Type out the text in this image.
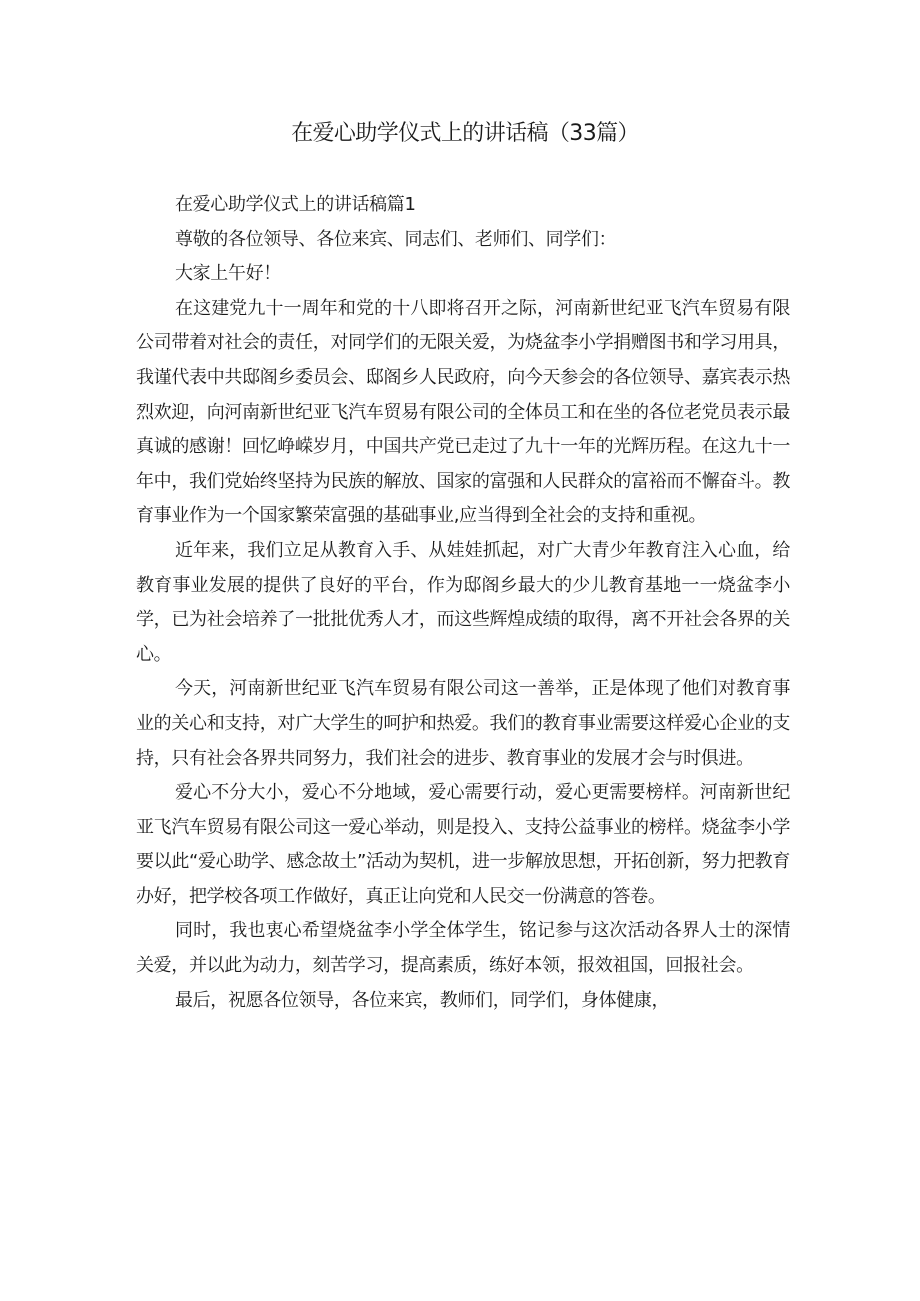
在爱心助学仪式上的讲话稿（33篇）

在爱心助学仪式上的讲话稿篇1

尊敬的各位领导、各位来宾、同志们、老师们、同学们：

大家上午好！

在这建党九十一周年和党的十八即将召开之际，河南新世纪亚飞汽车贸易有限公司带着对社会的责任，对同学们的无限关爱，为烧盆李小学捐赠图书和学习用具，我谨代表中共邸阁乡委员会、邸阁乡人民政府，向今天参会的各位领导、嘉宾表示热烈欢迎，向河南新世纪亚飞汽车贸易有限公司的全体员工和在坐的各位老党员表示最真诚的感谢！回忆峥嵘岁月，中国共产党已走过了九十一年的光辉历程。在这九十一年中，我们党始终坚持为民族的解放、国家的富强和人民群众的富裕而不懈奋斗。教育事业作为一个国家繁荣富强的基础事业,应当得到全社会的支持和重视。

近年来，我们立足从教育入手、从娃娃抓起，对广大青少年教育注入心血，给教育事业发展的提供了良好的平台，作为邸阁乡最大的少儿教育基地一一烧盆李小学，已为社会培养了一批批优秀人才，而这些辉煌成绩的取得，离不开社会各界的关心。

今天，河南新世纪亚飞汽车贸易有限公司这一善举，正是体现了他们对教育事业的关心和支持，对广大学生的呵护和热爱。我们的教育事业需要这样爱心企业的支持，只有社会各界共同努力，我们社会的进步、教育事业的发展才会与时俱进。

爱心不分大小，爱心不分地域，爱心需要行动，爱心更需要榜样。河南新世纪亚飞汽车贸易有限公司这一爱心举动，则是投入、支持公益事业的榜样。烧盆李小学要以此“爱心助学、感念故土”活动为契机，进一步解放思想，开拓创新，努力把教育办好，把学校各项工作做好，真正让向党和人民交一份满意的答卷。

同时，我也衷心希望烧盆李小学全体学生，铭记参与这次活动各界人士的深情关爱，并以此为动力，刻苦学习，提高素质，练好本领，报效祖国，回报社会。

最后，祝愿各位领导，各位来宾，教师们，同学们，身体健康，
